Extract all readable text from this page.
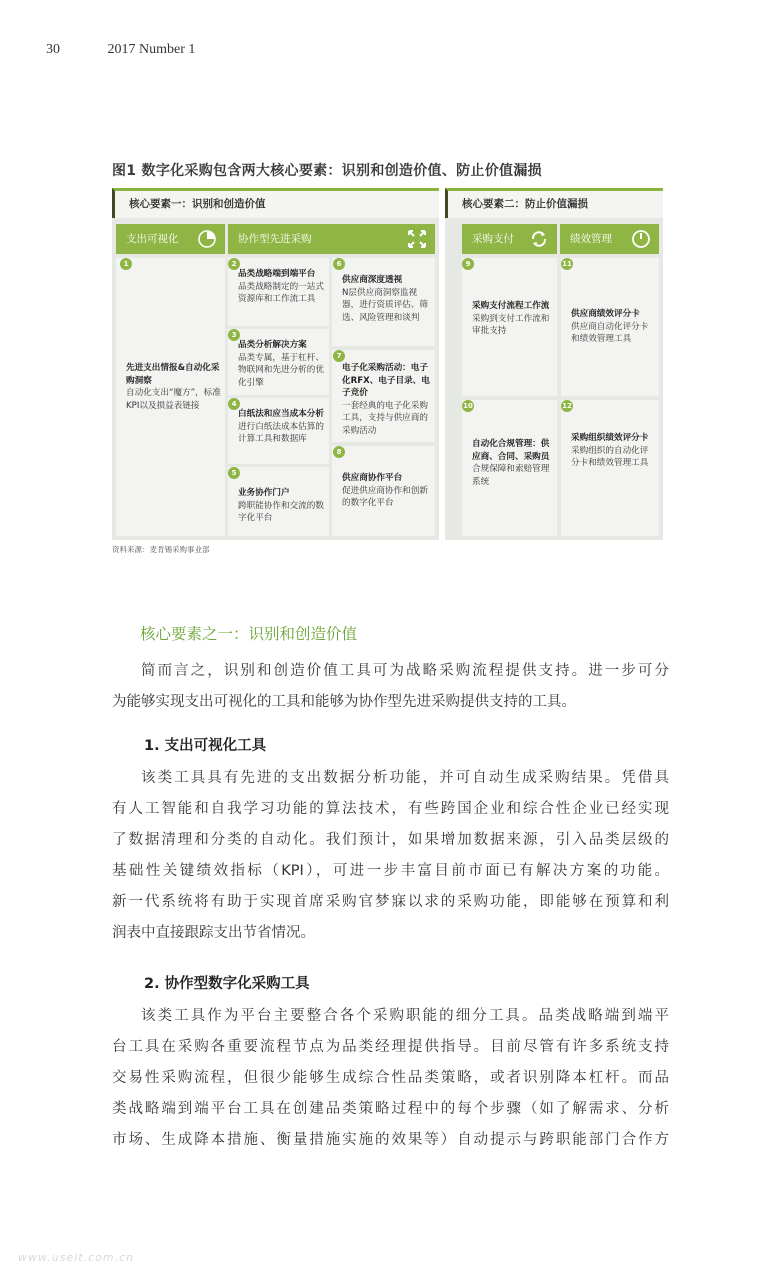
30	2017 Number 1
图1 数字化采购包含两大核心要素：识别和创造价值、防止价值漏损
核心要素一：识别和创造价值	核心要素二：防止价值漏损
支出可视化	协作型先进采购	采购支付	绩效管理
先进支出情报&自动化采购洞察
自动化支出“魔方”，标准KPI以及损益表链接
1
品类战略端到端平台
品类战略制定的一站式资源库和工作流工具
2
品类分析解决方案
品类专属，基于杠杆、物联网和先进分析的优化引擎
3
白纸法和应当成本分析
进行白纸法成本估算的计算工具和数据库
4
业务协作门户
跨职能协作和交流的数字化平台
5
供应商深度透视
N层供应商洞察监视器，进行资质评估、筛选、风险管理和谈判
6
电子化采购活动：电子化RFX、电子目录、电子竞价
一套经典的电子化采购工具，支持与供应商的采购活动
7
供应商协作平台
促进供应商协作和创新的数字化平台
8
采购支付流程工作流
采购到支付工作流和审批支持
9
自动化合规管理：供应商、合同、采购员
合规保障和索赔管理系统
10
供应商绩效评分卡
供应商自动化评分卡和绩效管理工具
11
采购组织绩效评分卡
采购组织的自动化评分卡和绩效管理工具
12
资料来源：麦肯锡采购事业部
核心要素之一：识别和创造价值
简而言之，识别和创造价值工具可为战略采购流程提供支持。进一步可分
为能够实现支出可视化的工具和能够为协作型先进采购提供支持的工具。
1. 支出可视化工具
该类工具具有先进的支出数据分析功能，并可自动生成采购结果。凭借具
有人工智能和自我学习功能的算法技术，有些跨国企业和综合性企业已经实现
了数据清理和分类的自动化。我们预计，如果增加数据来源，引入品类层级的
基础性关键绩效指标（KPI），可进一步丰富目前市面已有解决方案的功能。
新一代系统将有助于实现首席采购官梦寐以求的采购功能，即能够在预算和利
润表中直接跟踪支出节省情况。
2. 协作型数字化采购工具
该类工具作为平台主要整合各个采购职能的细分工具。品类战略端到端平
台工具在采购各重要流程节点为品类经理提供指导。目前尽管有许多系统支持
交易性采购流程，但很少能够生成综合性品类策略，或者识别降本杠杆。而品
类战略端到端平台工具在创建品类策略过程中的每个步骤（如了解需求、分析
市场、生成降本措施、衡量措施实施的效果等）自动提示与跨职能部门合作方
www.useit.com.cn
